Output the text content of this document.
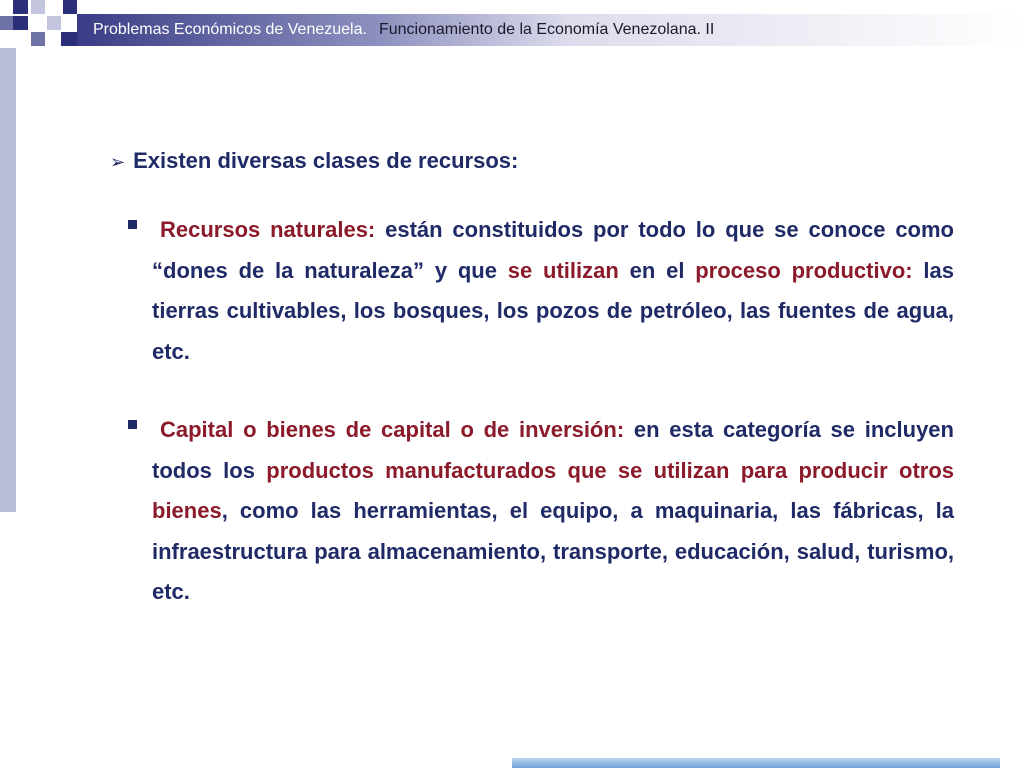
Problemas Económicos de Venezuela. Funcionamiento de la Economía Venezolana. II
➢ Existen diversas clases de recursos:

Recursos naturales: están constituidos por todo lo que se conoce como “dones de la naturaleza” y que se utilizan en el proceso productivo: las tierras cultivables, los bosques, los pozos de petróleo, las fuentes de agua, etc.

Capital o bienes de capital o de inversión: en esta categoría se incluyen todos los productos manufacturados que se utilizan para producir otros bienes, como las herramientas, el equipo, a maquinaria, las fábricas, la infraestructura para almacenamiento, transporte, educación, salud, turismo, etc.
